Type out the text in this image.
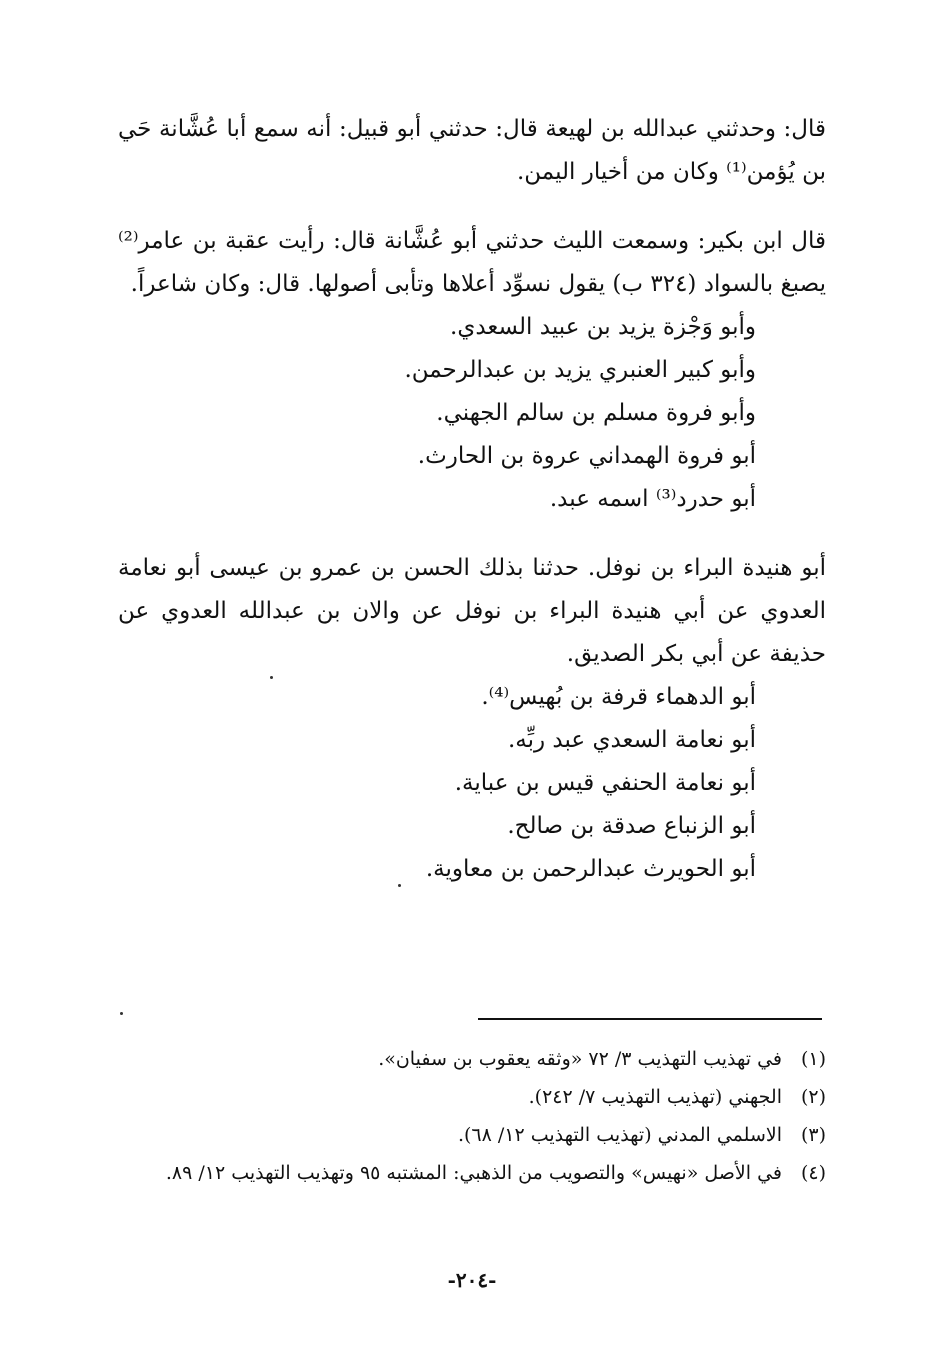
قال: وحدثني عبدالله بن لهيعة قال: حدثني أبو قبيل: أنه سمع أبا عُشَّانة حَي بن يُؤمن⁽¹⁾ وكان من أخيار اليمن.

قال ابن بكير: وسمعت الليث حدثني أبو عُشَّانة قال: رأيت عقبة بن عامر⁽²⁾ يصبغ بالسواد (٣٢٤ ب) يقول نسوِّد أعلاها وتأبى أصولها. قال: وكان شاعراً.

وأبو وَجْزة يزيد بن عبيد السعدي.
وأبو كبير العنبري يزيد بن عبدالرحمن.
وأبو فروة مسلم بن سالم الجهني.
أبو فروة الهمداني عروة بن الحارث.
أبو حدرد⁽³⁾ اسمه عبد.

أبو هنيدة البراء بن نوفل. حدثنا بذلك الحسن بن عمرو بن عيسى أبو نعامة العدوي عن أبي هنيدة البراء بن نوفل عن والان بن عبدالله العدوي عن حذيفة عن أبي بكر الصديق.

أبو الدهماء قرفة بن بُهيس⁽⁴⁾.
أبو نعامة السعدي عبد ربِّه.
أبو نعامة الحنفي قيس بن عباية.
أبو الزنباع صدقة بن صالح.
أبو الحويرث عبدالرحمن بن معاوية.
(١)
في تهذيب التهذيب ٣/ ٧٢ «وثقه يعقوب بن سفيان».
(٢)
الجهني (تهذيب التهذيب ٧/ ٢٤٢).
(٣)
الاسلمي المدني (تهذيب التهذيب ١٢/ ٦٨).
(٤)
في الأصل «نهيس» والتصويب من الذهبي: المشتبه ٩٥ وتهذيب التهذيب ١٢/ ٨٩.
-٢٠٤-
